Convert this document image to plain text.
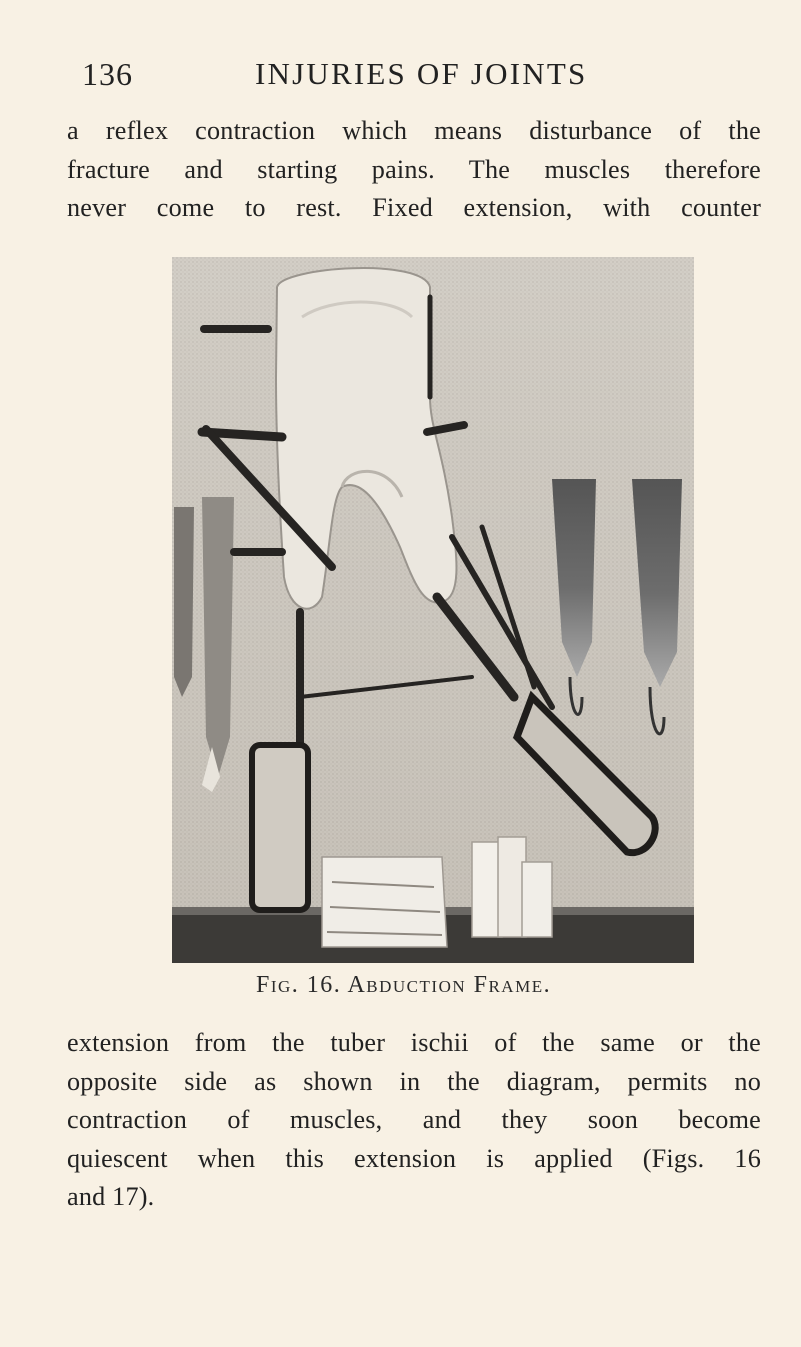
136	INJURIES OF JOINTS
a reflex contraction which means disturbance of the
fracture and starting pains. The muscles therefore
never come to rest. Fixed extension, with counter
Fig. 16. Abduction Frame.
extension from the tuber ischii of the same or the
opposite side as shown in the diagram, permits no
contraction of muscles, and they soon become
quiescent when this extension is applied (Figs. 16
and 17).
